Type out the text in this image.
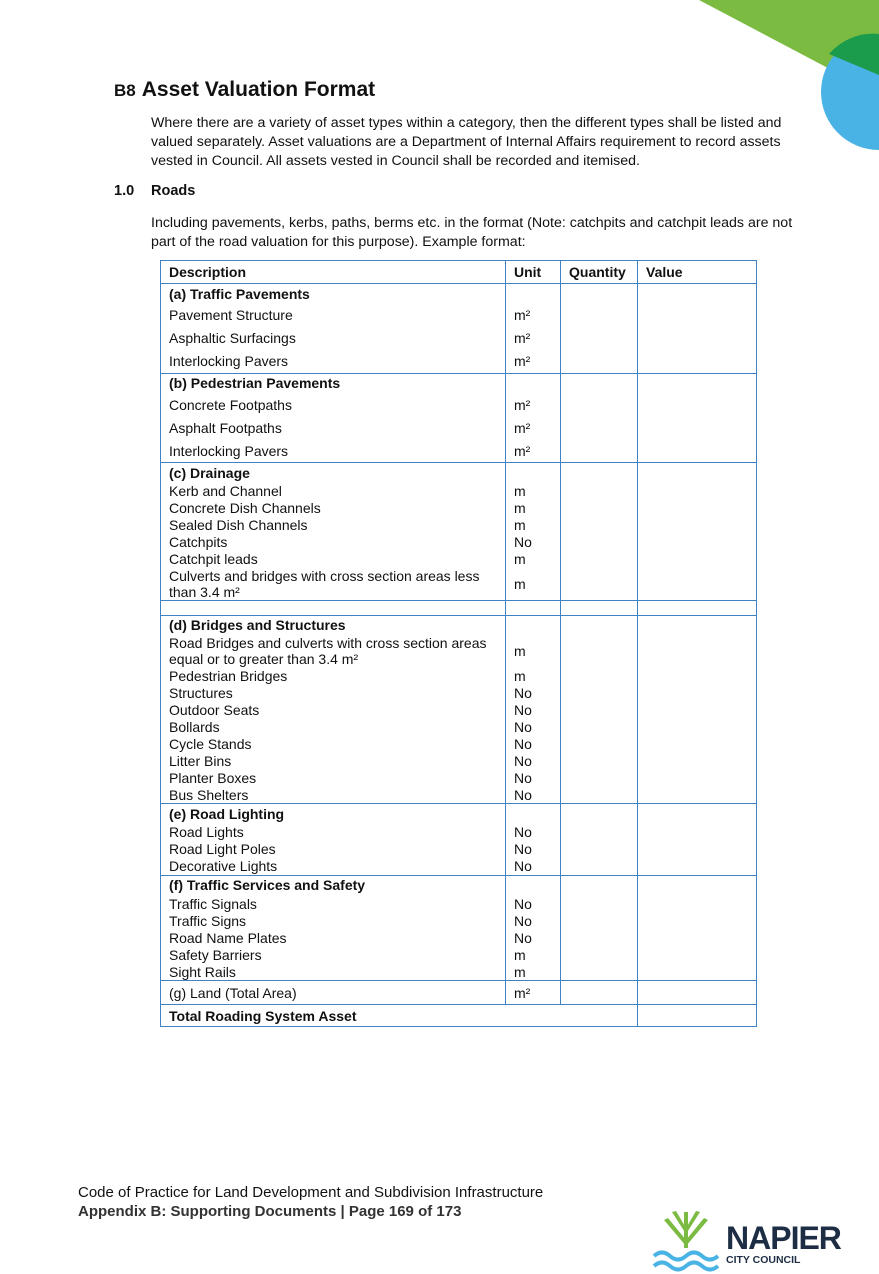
B8 Asset Valuation Format
Where there are a variety of asset types within a category, then the different types shall be listed and valued separately. Asset valuations are a Department of Internal Affairs requirement to record assets vested in Council. All assets vested in Council shall be recorded and itemised.
1.0 Roads
Including pavements, kerbs, paths, berms etc. in the format (Note: catchpits and catchpit leads are not part of the road valuation for this purpose). Example format:
Description	Unit	Quantity	Value
(a) Traffic Pavements			
Pavement Structure	m²		
Asphaltic Surfacings	m²		
Interlocking Pavers	m²		
(b) Pedestrian Pavements			
Concrete Footpaths	m²		
Asphalt Footpaths	m²		
Interlocking Pavers	m²		
(c) Drainage			
Kerb and Channel	m		
Concrete Dish Channels	m		
Sealed Dish Channels	m		
Catchpits	No		
Catchpit leads	m		
Culverts and bridges with cross section areas less than 3.4 m²	m		

(d) Bridges and Structures			
Road Bridges and culverts with cross section areas equal or to greater than 3.4 m²	m		
Pedestrian Bridges	m		
Structures	No		
Outdoor Seats	No		
Bollards	No		
Cycle Stands	No		
Litter Bins	No		
Planter Boxes	No		
Bus Shelters	No		
(e) Road Lighting			
Road Lights	No		
Road Light Poles	No		
Decorative Lights	No		
(f) Traffic Services and Safety			
Traffic Signals	No		
Traffic Signs	No		
Road Name Plates	No		
Safety Barriers	m		
Sight Rails	m		
(g) Land (Total Area)	m²		
Total Roading System Asset			
Code of Practice for Land Development and Subdivision Infrastructure
Appendix B: Supporting Documents | Page 169 of 173
NAPIER
CITY COUNCIL
